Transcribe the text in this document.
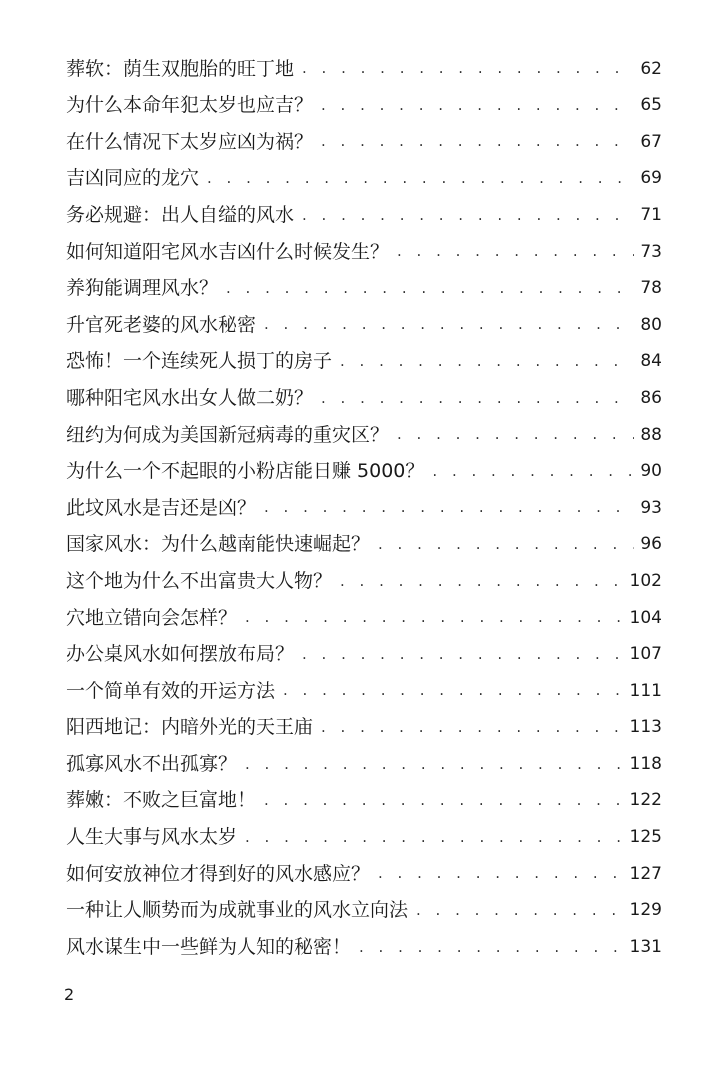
葬软：荫生双胞胎的旺丁地 . . .	62
为什么本命年犯太岁也应吉？ . . .	65
在什么情况下太岁应凶为祸？ . . .	67
吉凶同应的龙穴 . . .	69
务必规避：出人自缢的风水 . . .	71
如何知道阳宅风水吉凶什么时候发生？ . . .	73
养狗能调理风水？ . . .	78
升官死老婆的风水秘密 . . .	80
恐怖！一个连续死人损丁的房子 . . .	84
哪种阳宅风水出女人做二奶？ . . .	86
纽约为何成为美国新冠病毒的重灾区？ . . .	88
为什么一个不起眼的小粉店能日赚 5000？ . . .	90
此坟风水是吉还是凶？ . . .	93
国家风水：为什么越南能快速崛起？ . . .	96
这个地为什么不出富贵大人物？ . . .	102
穴地立错向会怎样？ . . .	104
办公桌风水如何摆放布局？ . . .	107
一个简单有效的开运方法 . . .	111
阳西地记：内暗外光的天王庙 . . .	113
孤寡风水不出孤寡？ . . .	118
葬嫩：不败之巨富地！ . . .	122
人生大事与风水太岁 . . .	125
如何安放神位才得到好的风水感应？ . . .	127
一种让人顺势而为成就事业的风水立向法 . . .	129
风水谋生中一些鲜为人知的秘密！ . . .	131
2
